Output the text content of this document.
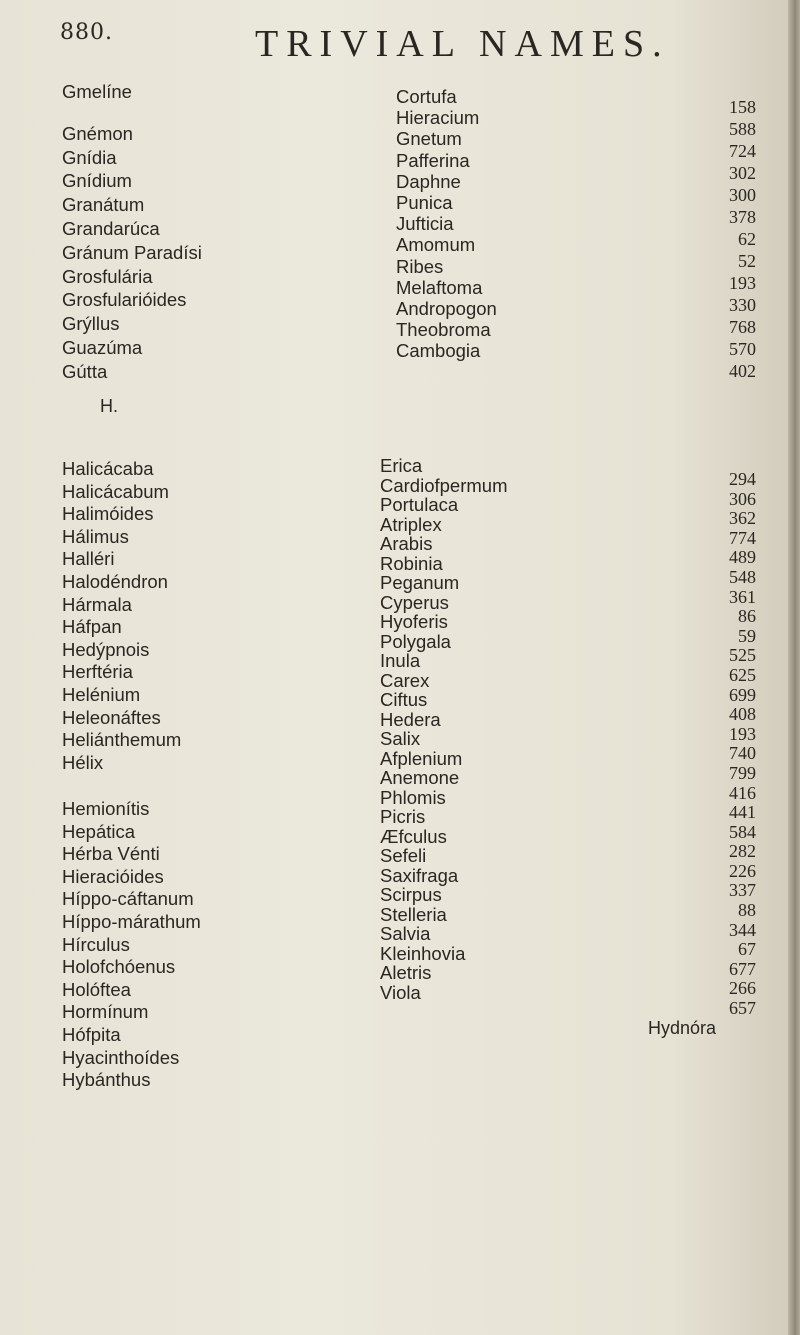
880.	TRIVIAL NAMES.
Gmelíne
Gnémon
Gnídia
Gnídium
Granátum
Grandarúca
Gránum Paradísi
Grosfulária
Grosfularióides
Grýllus
Guazúma
Gútta
Cortufa
Hieracium
Gnetum
Pafferina
Daphne
Punica
Jufticia
Amomum
Ribes
Melaftoma
Andropogon
Theobroma
Cambogia
158
588
724
302
300
378
62
52
193
330
768
570
402
H.
Halicácaba
Halicácabum
Halimóides
Hálimus
Halléri
Halodéndron
Hármala
Háfpan
Hedýpnois
Herftéria
Helénium
Heleonáftes
Heliánthemum
Hélix
Hemionítis
Hepática
Hérba Vénti
Hieracióides
Híppo-cáftanum
Híppo-márathum
Hírculus
Holofchóenus
Holóftea
Hormínum
Hófpita
Hyacinthoídes
Hybánthus
Erica
Cardiofpermum
Portulaca
Atriplex
Arabis
Robinia
Peganum
Cyperus
Hyoferis
Polygala
Inula
Carex
Ciftus
Hedera
Salix
Afplenium
Anemone
Phlomis
Picris
Æfculus
Sefeli
Saxifraga
Scirpus
Stelleria
Salvia
Kleinhovia
Aletris
Viola
294
306
362
774
489
548
361
86
59
525
625
699
408
193
740
799
416
441
584
282
226
337
88
344
67
677
266
657
Hydnóra
